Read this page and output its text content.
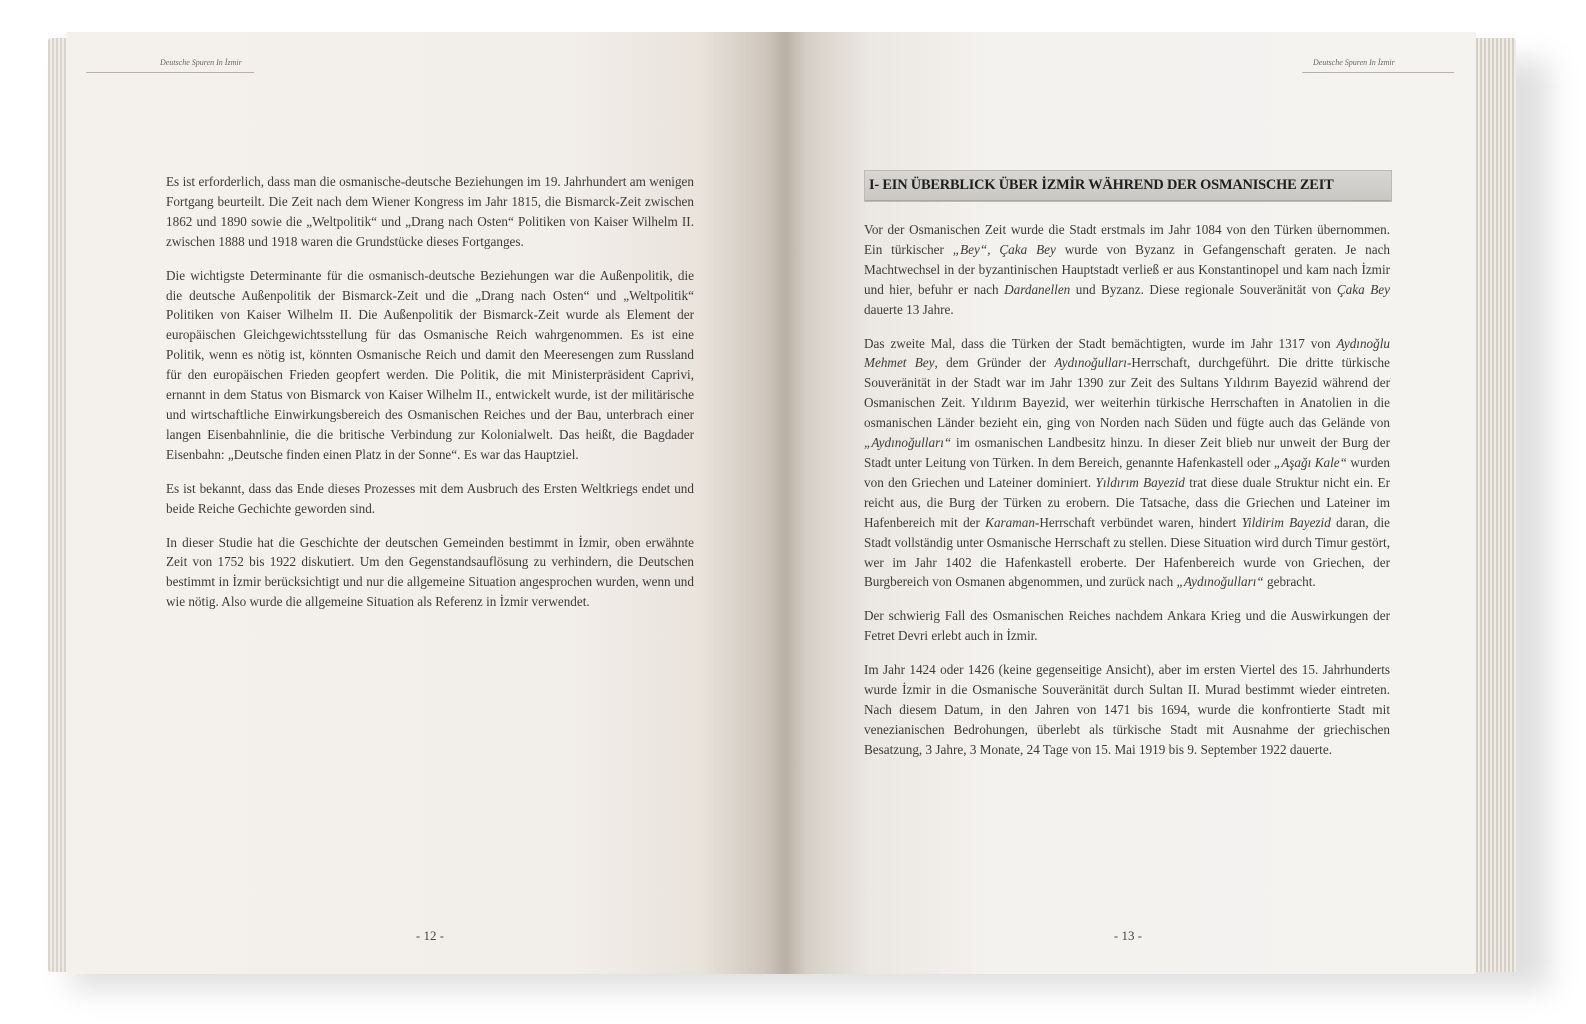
Deutsche Spuren In İzmir

Es ist erforderlich, dass man die osmanische-deutsche Beziehungen im 19. Jahrhundert am wenigen Fortgang beurteilt. Die Zeit nach dem Wiener Kongress im Jahr 1815, die Bismarck-Zeit zwischen 1862 und 1890 sowie die „Weltpolitik“ und „Drang nach Osten“ Politiken von Kaiser Wilhelm II. zwischen 1888 und 1918 waren die Grundstücke dieses Fortganges.

Die wichtigste Determinante für die osmanisch-deutsche Beziehungen war die Außenpolitik, die die deutsche Außenpolitik der Bismarck-Zeit und die „Drang nach Osten“ und „Weltpolitik“ Politiken von Kaiser Wilhelm II. Die Außenpolitik der Bismarck-Zeit wurde als Element der europäischen Gleichgewichtsstellung für das Osmanische Reich wahrgenommen. Es ist eine Politik, wenn es nötig ist, könnten Osmanische Reich und damit den Meeresengen zum Russland für den europäischen Frieden geopfert werden. Die Politik, die mit Ministerpräsident Caprivi, ernannt in dem Status von Bismarck von Kaiser Wilhelm II., entwickelt wurde, ist der militärische und wirtschaftliche Einwirkungsbereich des Osmanischen Reiches und der Bau, unterbrach einer langen Eisenbahnlinie, die die britische Verbindung zur Kolonialwelt. Das heißt, die Bagdader Eisenbahn: „Deutsche finden einen Platz in der Sonne“. Es war das Hauptziel.

Es ist bekannt, dass das Ende dieses Prozesses mit dem Ausbruch des Ersten Weltkriegs endet und beide Reiche Gechichte geworden sind.

In dieser Studie hat die Geschichte der deutschen Gemeinden bestimmt in İzmir, oben erwähnte Zeit von 1752 bis 1922 diskutiert. Um den Gegenstandsauflösung zu verhindern, die Deutschen bestimmt in İzmir berücksichtigt und nur die allgemeine Situation angesprochen wurden, wenn und wie nötig. Also wurde die allgemeine Situation als Referenz in İzmir verwendet.

- 12 -
Deutsche Spuren In İzmir
I- EIN ÜBERBLICK ÜBER İZMİR WÄHREND DER OSMANISCHE ZEIT

Vor der Osmanischen Zeit wurde die Stadt erstmals im Jahr 1084 von den Türken übernommen. Ein türkischer „Bey“, Çaka Bey wurde von Byzanz in Gefangenschaft geraten. Je nach Machtwechsel in der byzantinischen Hauptstadt verließ er aus Konstantinopel und kam nach İzmir und hier, befuhr er nach Dardanellen und Byzanz. Diese regionale Souveränität von Çaka Bey dauerte 13 Jahre.

Das zweite Mal, dass die Türken der Stadt bemächtigten, wurde im Jahr 1317 von Aydınoğlu Mehmet Bey, dem Gründer der Aydınoğulları-Herrschaft, durchgeführt. Die dritte türkische Souveränität in der Stadt war im Jahr 1390 zur Zeit des Sultans Yıldırım Bayezid während der Osmanischen Zeit. Yıldırım Bayezid, wer weiterhin türkische Herrschaften in Anatolien in die osmanischen Länder bezieht ein, ging von Norden nach Süden und fügte auch das Gelände von „Aydınoğulları“ im osmanischen Landbesitz hinzu. In dieser Zeit blieb nur unweit der Burg der Stadt unter Leitung von Türken. In dem Bereich, genannte Hafenkastell oder „Aşağı Kale“ wurden von den Griechen und Lateiner dominiert. Yıldırım Bayezid trat diese duale Struktur nicht ein. Er reicht aus, die Burg der Türken zu erobern. Die Tatsache, dass die Griechen und Lateiner im Hafenbereich mit der Karaman-Herrschaft verbündet waren, hindert Yildirim Bayezid daran, die Stadt vollständig unter Osmanische Herrschaft zu stellen. Diese Situation wird durch Timur gestört, wer im Jahr 1402 die Hafenkastell eroberte. Der Hafenbereich wurde von Griechen, der Burgbereich von Osmanen abgenommen, und zurück nach „Aydınoğulları“ gebracht.

Der schwierig Fall des Osmanischen Reiches nachdem Ankara Krieg und die Auswirkungen der Fetret Devri erlebt auch in İzmir.

Im Jahr 1424 oder 1426 (keine gegenseitige Ansicht), aber im ersten Viertel des 15. Jahrhunderts wurde İzmir in die Osmanische Souveränität durch Sultan II. Murad bestimmt wieder eintreten. Nach diesem Datum, in den Jahren von 1471 bis 1694, wurde die konfrontierte Stadt mit venezianischen Bedrohungen, überlebt als türkische Stadt mit Ausnahme der griechischen Besatzung, 3 Jahre, 3 Monate, 24 Tage von 15. Mai 1919 bis 9. September 1922 dauerte.

- 13 -
